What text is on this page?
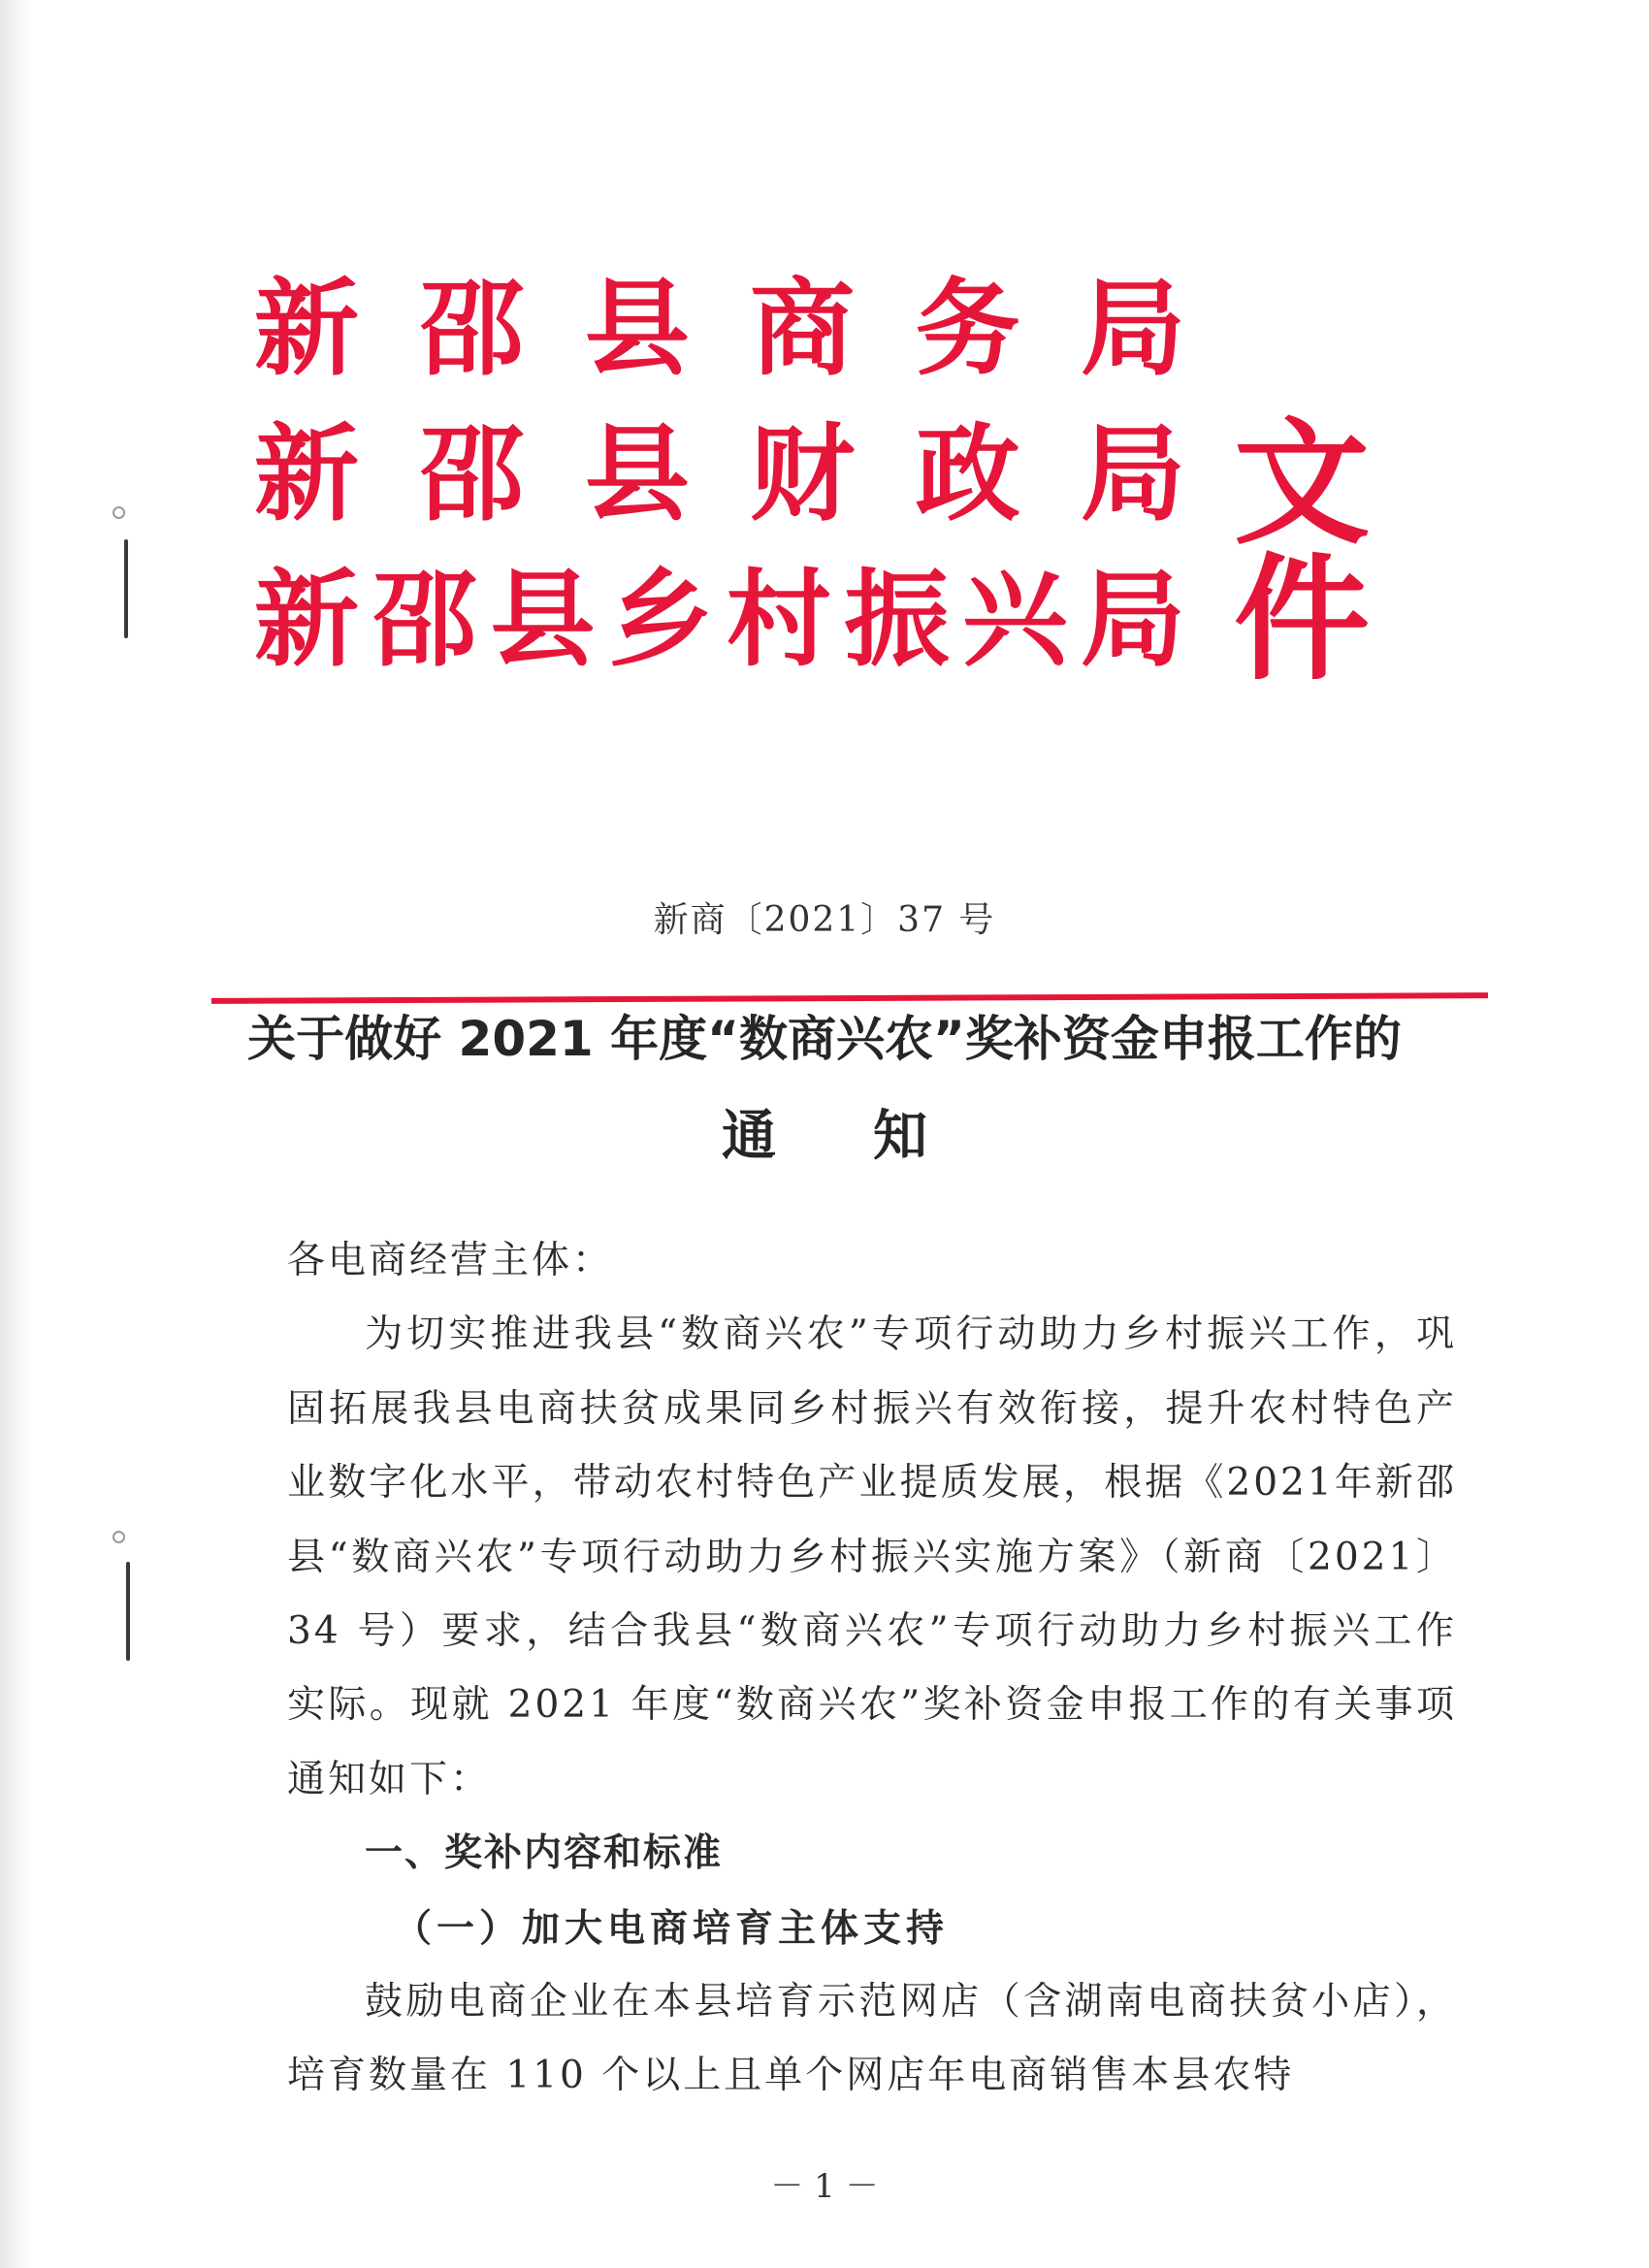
新 邵 县 商 务 局
新 邵 县 财 政 局
新 邵 县 乡 村 振 兴 局
文件
新商〔2021〕37 号
关于做好 2021 年度“数商兴农”奖补资金申报工作的
通知

各电商经营主体：

为切实推进我县“数商兴农”专项行动助力乡村振兴工作，巩固拓展我县电商扶贫成果同乡村振兴有效衔接，提升农村特色产业数字化水平，带动农村特色产业提质发展，根据《2021年新邵县“数商兴农”专项行动助力乡村振兴实施方案》（新商〔2021〕34 号）要求，结合我县“数商兴农”专项行动助力乡村振兴工作实际。现就 2021 年度“数商兴农”奖补资金申报工作的有关事项通知如下：

一、奖补内容和标准

（一）加大电商培育主体支持

鼓励电商企业在本县培育示范网店（含湖南电商扶贫小店），培育数量在 110 个以上且单个网店年电商销售本县农特

－ 1 －
